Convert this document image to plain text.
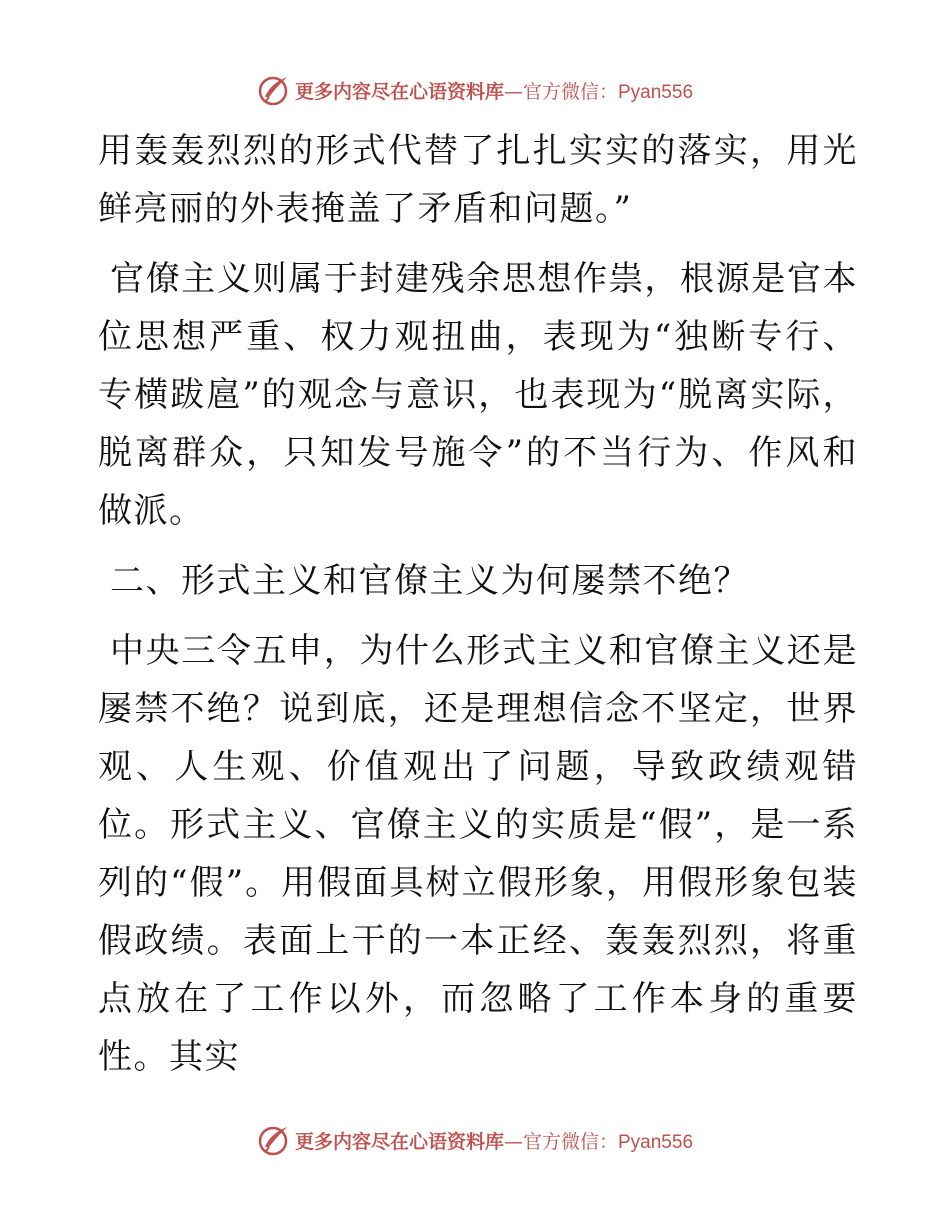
更多内容尽在心语资料库—官方微信：Pyan556

用轰轰烈烈的形式代替了扎扎实实的落实，用光鲜亮丽的外表掩盖了矛盾和问题。”

官僚主义则属于封建残余思想作祟，根源是官本位思想严重、权力观扭曲，表现为“独断专行、专横跋扈”的观念与意识，也表现为“脱离实际，脱离群众，只知发号施令”的不当行为、作风和做派。

二、形式主义和官僚主义为何屡禁不绝？

中央三令五申，为什么形式主义和官僚主义还是屡禁不绝？说到底，还是理想信念不坚定，世界观、人生观、价值观出了问题，导致政绩观错位。形式主义、官僚主义的实质是“假”，是一系列的“假”。用假面具树立假形象，用假形象包装假政绩。表面上干的一本正经、轰轰烈烈，将重点放在了工作以外，而忽略了工作本身的重要性。其实

更多内容尽在心语资料库—官方微信：Pyan556
